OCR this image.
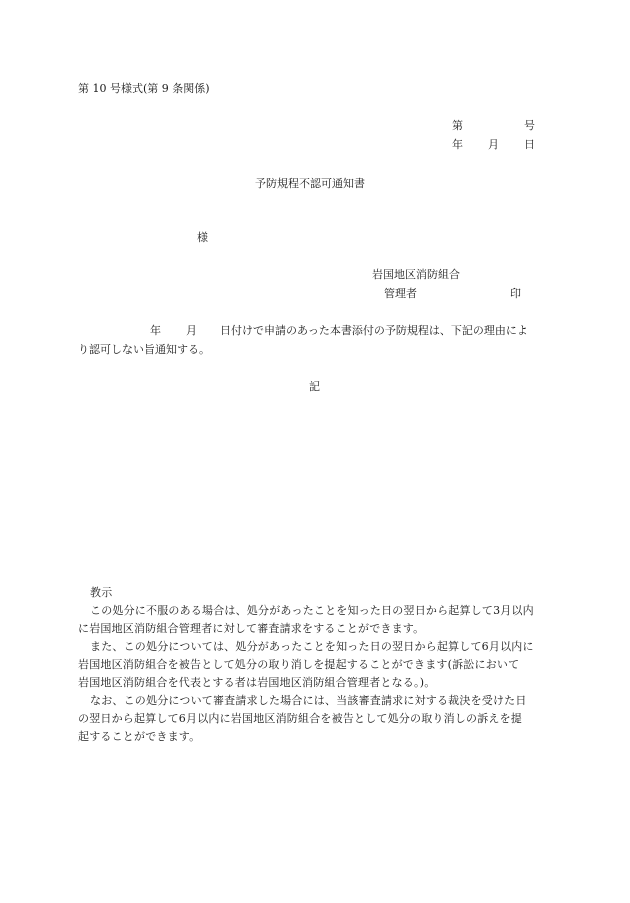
第 10 号様式(第 9 条関係)
第	号
年 月 日
予防規程不認可通知書
様
岩国地区消防組合
管理者	印
年 月 日付けで申請のあった本書添付の予防規程は、下記の理由によ
り認可しない旨通知する。
記

教示

この処分に不服のある場合は、処分があったことを知った日の翌日から起算して3月以内

に岩国地区消防組合管理者に対して審査請求をすることができます。

また、この処分については、処分があったことを知った日の翌日から起算して6月以内に

岩国地区消防組合を被告として処分の取り消しを提起することができます(訴訟において

岩国地区消防組合を代表とする者は岩国地区消防組合管理者となる。)。

なお、この処分について審査請求した場合には、当該審査請求に対する裁決を受けた日

の翌日から起算して6月以内に岩国地区消防組合を被告として処分の取り消しの訴えを提

起することができます。
